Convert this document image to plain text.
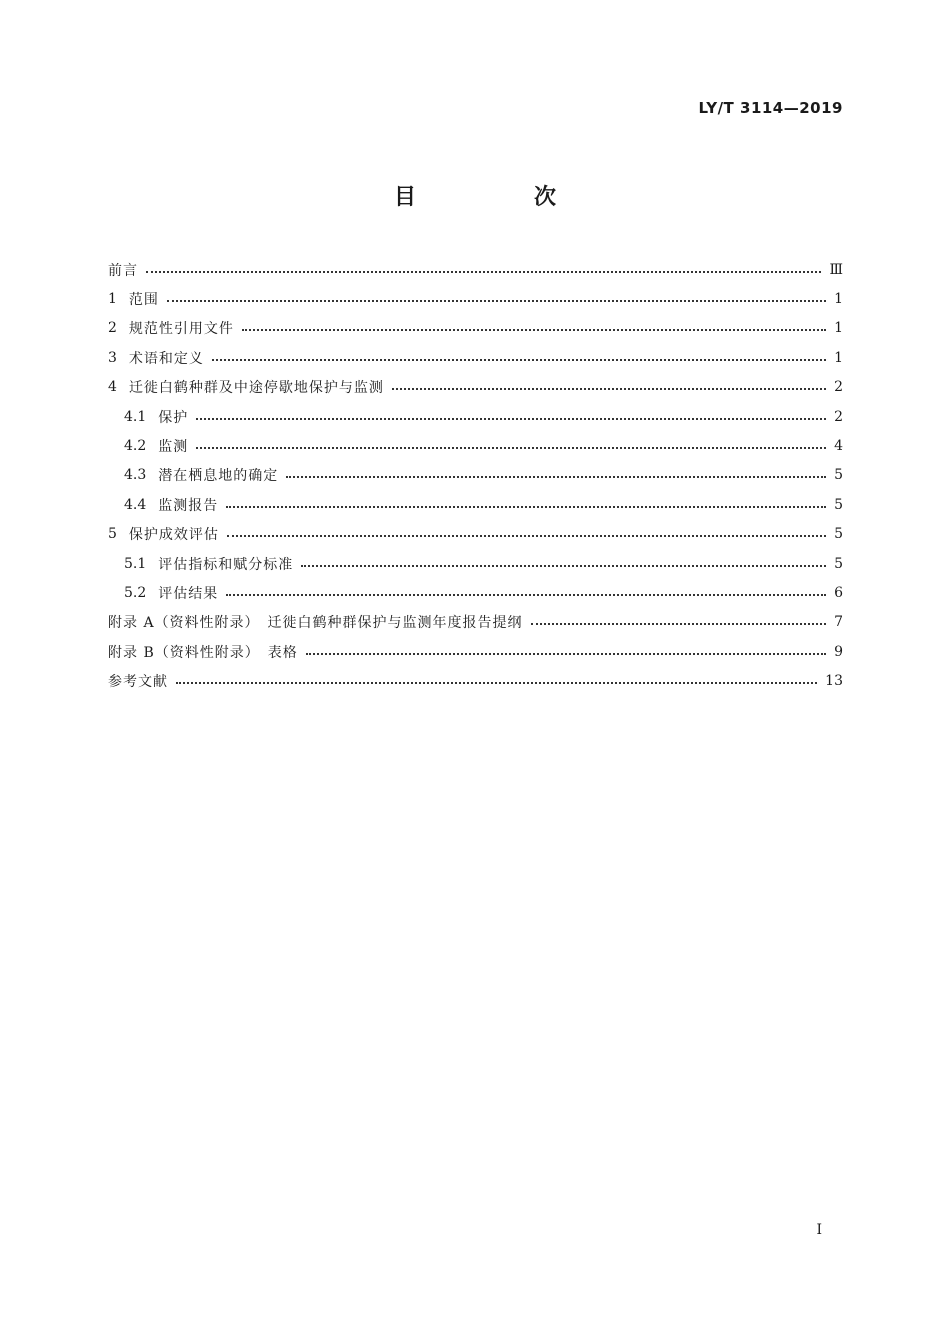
LY/T 3114—2019
目　次
前言	Ⅲ
1 范围	1
2 规范性引用文件	1
3 术语和定义	1
4 迁徙白鹤种群及中途停歇地保护与监测	2
4.1 保护	2
4.2 监测	4
4.3 潜在栖息地的确定	5
4.4 监测报告	5
5 保护成效评估	5
5.1 评估指标和赋分标准	5
5.2 评估结果	6
附录 A（资料性附录）　迁徙白鹤种群保护与监测年度报告提纲	7
附录 B（资料性附录）　表格	9
参考文献	13
I
